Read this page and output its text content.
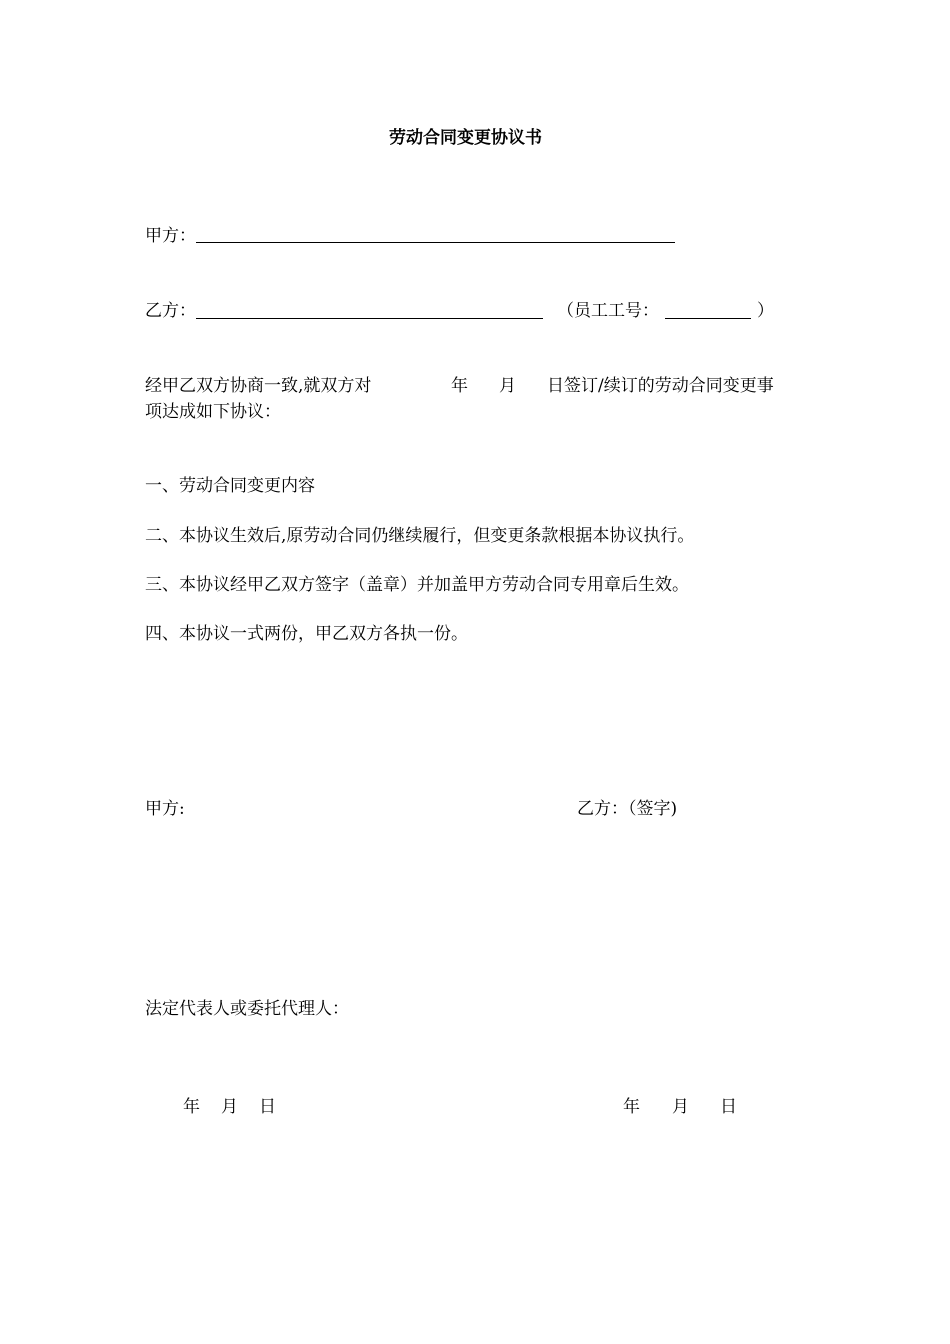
劳动合同变更协议书
甲方：
乙方：	（员工工号：	）
经甲乙双方协商一致,就双方对	年 月 日签订/续订的劳动合同变更事
项达成如下协议：
一、劳动合同变更内容
二、本协议生效后,原劳动合同仍继续履行，但变更条款根据本协议执行。
三、本协议经甲乙双方签字（盖章）并加盖甲方劳动合同专用章后生效。
四、本协议一式两份，甲乙双方各执一份。
甲方:	乙方：（签字)
法定代表人或委托代理人：
年 月 日	年 月 日
